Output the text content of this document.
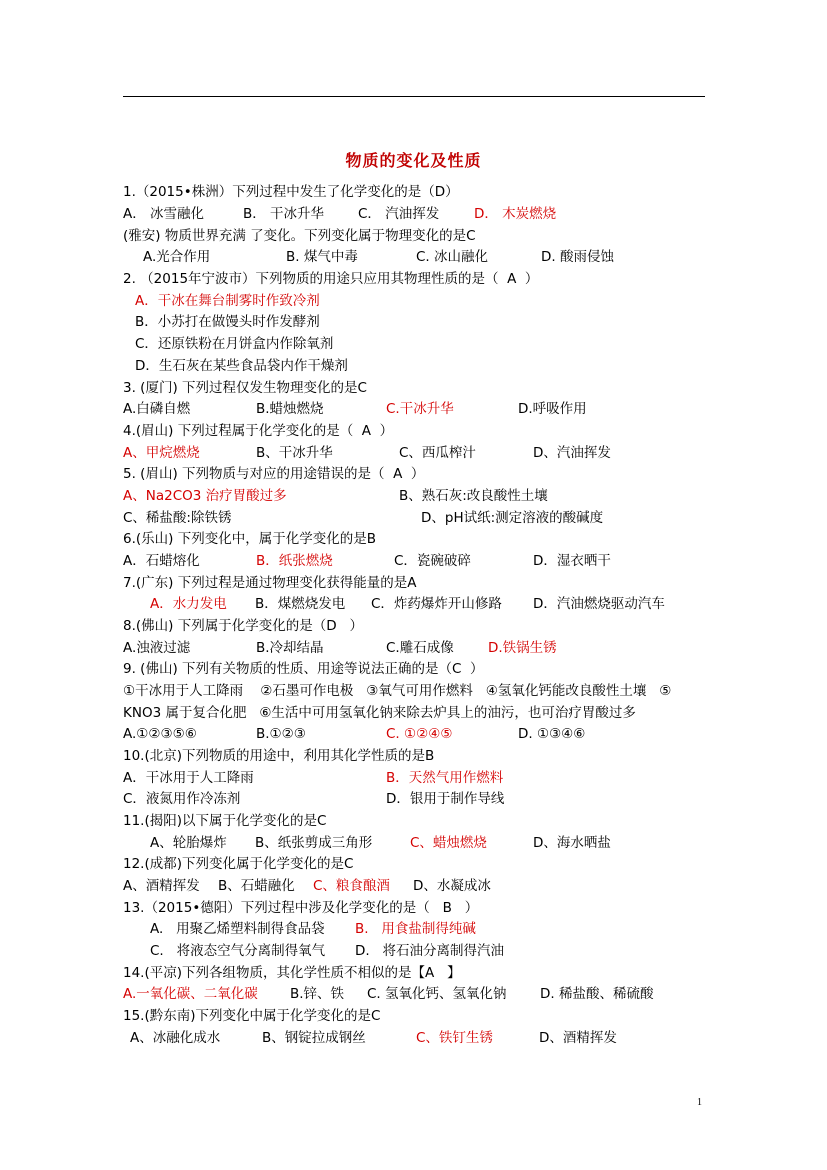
物质的变化及性质
1.（2015•株洲）下列过程中发生了化学变化的是（D）
A． 冰雪融化	B． 干冰升华	C． 汽油挥发	D． 木炭燃烧
(雅安) 物质世界充满 了变化。下列变化属于物理变化的是C
A.光合作用	B. 煤气中毒	C. 冰山融化	D. 酸雨侵蚀
2. （2015年宁波市）下列物质的用途只应用其物理性质的是（  A  ）
A．干冰在舞台制雾时作致冷剂
B．小苏打在做馒头时作发酵剂
C．还原铁粉在月饼盒内作除氧剂
D．生石灰在某些食品袋内作干燥剂
3. (厦门) 下列过程仅发生物理变化的是C
A.白磷自燃	B.蜡烛燃烧	C.干冰升华	D.呼吸作用
4.(眉山) 下列过程属于化学变化的是（  A  ）
A、甲烷燃烧	B、干冰升华	C、西瓜榨汁	D、汽油挥发
5. (眉山) 下列物质与对应的用途错误的是（  A  ）
A、Na2CO3 治疗胃酸过多	B、熟石灰:改良酸性土壤
C、稀盐酸:除铁锈	D、pH试纸:测定溶液的酸碱度
6.(乐山) 下列变化中，属于化学变化的是B
A．石蜡熔化	B．纸张燃烧	C．瓷碗破碎	D．湿衣晒干
7.(广东) 下列过程是通过物理变化获得能量的是A
A．水力发电 B．煤燃烧发电 C．炸药爆炸开山修路 D．汽油燃烧驱动汽车
8.(佛山) 下列属于化学变化的是（D   ）
A.浊液过滤	B.冷却结晶	C.雕石成像	D.铁锅生锈
9. (佛山) 下列有关物质的性质、用途等说法正确的是（C  ）
①干冰用于人工降雨    ②石墨可作电极   ③氧气可用作燃料   ④氢氧化钙能改良酸性土壤   ⑤
KNO3 属于复合化肥   ⑥生活中可用氢氧化钠来除去炉具上的油污，也可治疗胃酸过多
A.①②③⑤⑥	B.①②③	C. ①②④⑤	D. ①③④⑥
10.(北京)下列物质的用途中，利用其化学性质的是B
A．干冰用于人工降雨	B．天然气用作燃料
C．液氮用作冷冻剂	D．银用于制作导线
11.(揭阳)以下属于化学变化的是C
A、轮胎爆炸 B、纸张剪成三角形	C、蜡烛燃烧	D、海水晒盐
12.(成都)下列变化属于化学变化的是C
A、酒精挥发 B、石蜡融化 C、粮食酿酒 D、水凝成冰
13.（2015•德阳）下列过程中涉及化学变化的是（   B   ）
A.   用聚乙烯塑料制得食品袋 B.   用食盐制得纯碱
C.   将液态空气分离制得氧气 D.   将石油分离制得汽油
14.(平凉)下列各组物质，其化学性质不相似的是【A   】
A.一氧化碳、二氧化碳 B.锌、铁 C. 氢氧化钙、氢氧化钠 D. 稀盐酸、稀硫酸
15.(黔东南)下列变化中属于化学变化的是C
A、冰融化成水	B、钢锭拉成钢丝	C、铁钉生锈	D、酒精挥发
1
